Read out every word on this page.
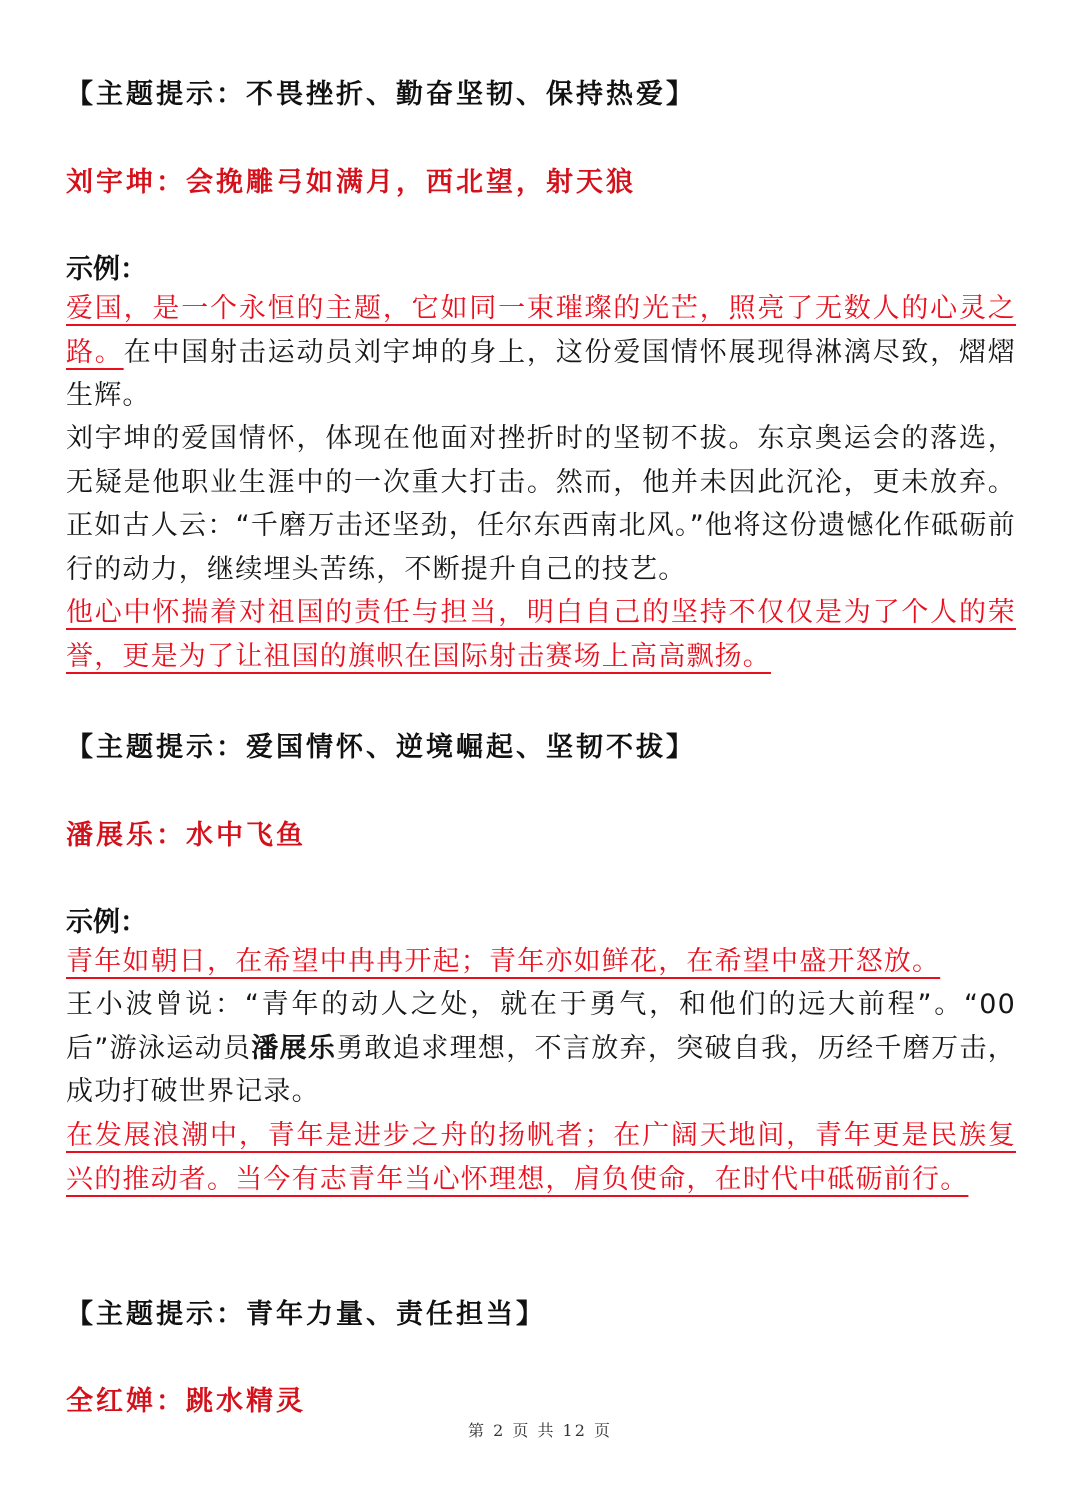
【主题提示：不畏挫折、勤奋坚韧、保持热爱】
刘宇坤：会挽雕弓如满月，西北望，射天狼
示例：
爱国，是一个永恒的主题，它如同一束璀璨的光芒，照亮了无数人的心灵之路。在中国射击运动员刘宇坤的身上，这份爱国情怀展现得淋漓尽致，熠熠生辉。
刘宇坤的爱国情怀，体现在他面对挫折时的坚韧不拔。东京奥运会的落选，无疑是他职业生涯中的一次重大打击。然而，他并未因此沉沦，更未放弃。正如古人云：“千磨万击还坚劲，任尔东西南北风。”他将这份遗憾化作砥砺前行的动力，继续埋头苦练，不断提升自己的技艺。
他心中怀揣着对祖国的责任与担当，明白自己的坚持不仅仅是为了个人的荣誉，更是为了让祖国的旗帜在国际射击赛场上高高飘扬。
【主题提示：爱国情怀、逆境崛起、坚韧不拔】
潘展乐：水中飞鱼
示例：
青年如朝日，在希望中冉冉开起；青年亦如鲜花，在希望中盛开怒放。
王小波曾说：“青年的动人之处，就在于勇气，和他们的远大前程”。“00后”游泳运动员潘展乐勇敢追求理想，不言放弃，突破自我，历经千磨万击，成功打破世界记录。
在发展浪潮中，青年是进步之舟的扬帆者；在广阔天地间，青年更是民族复兴的推动者。当今有志青年当心怀理想，肩负使命，在时代中砥砺前行。
【主题提示：青年力量、责任担当】
全红婵：跳水精灵
第 2 页 共 12 页
